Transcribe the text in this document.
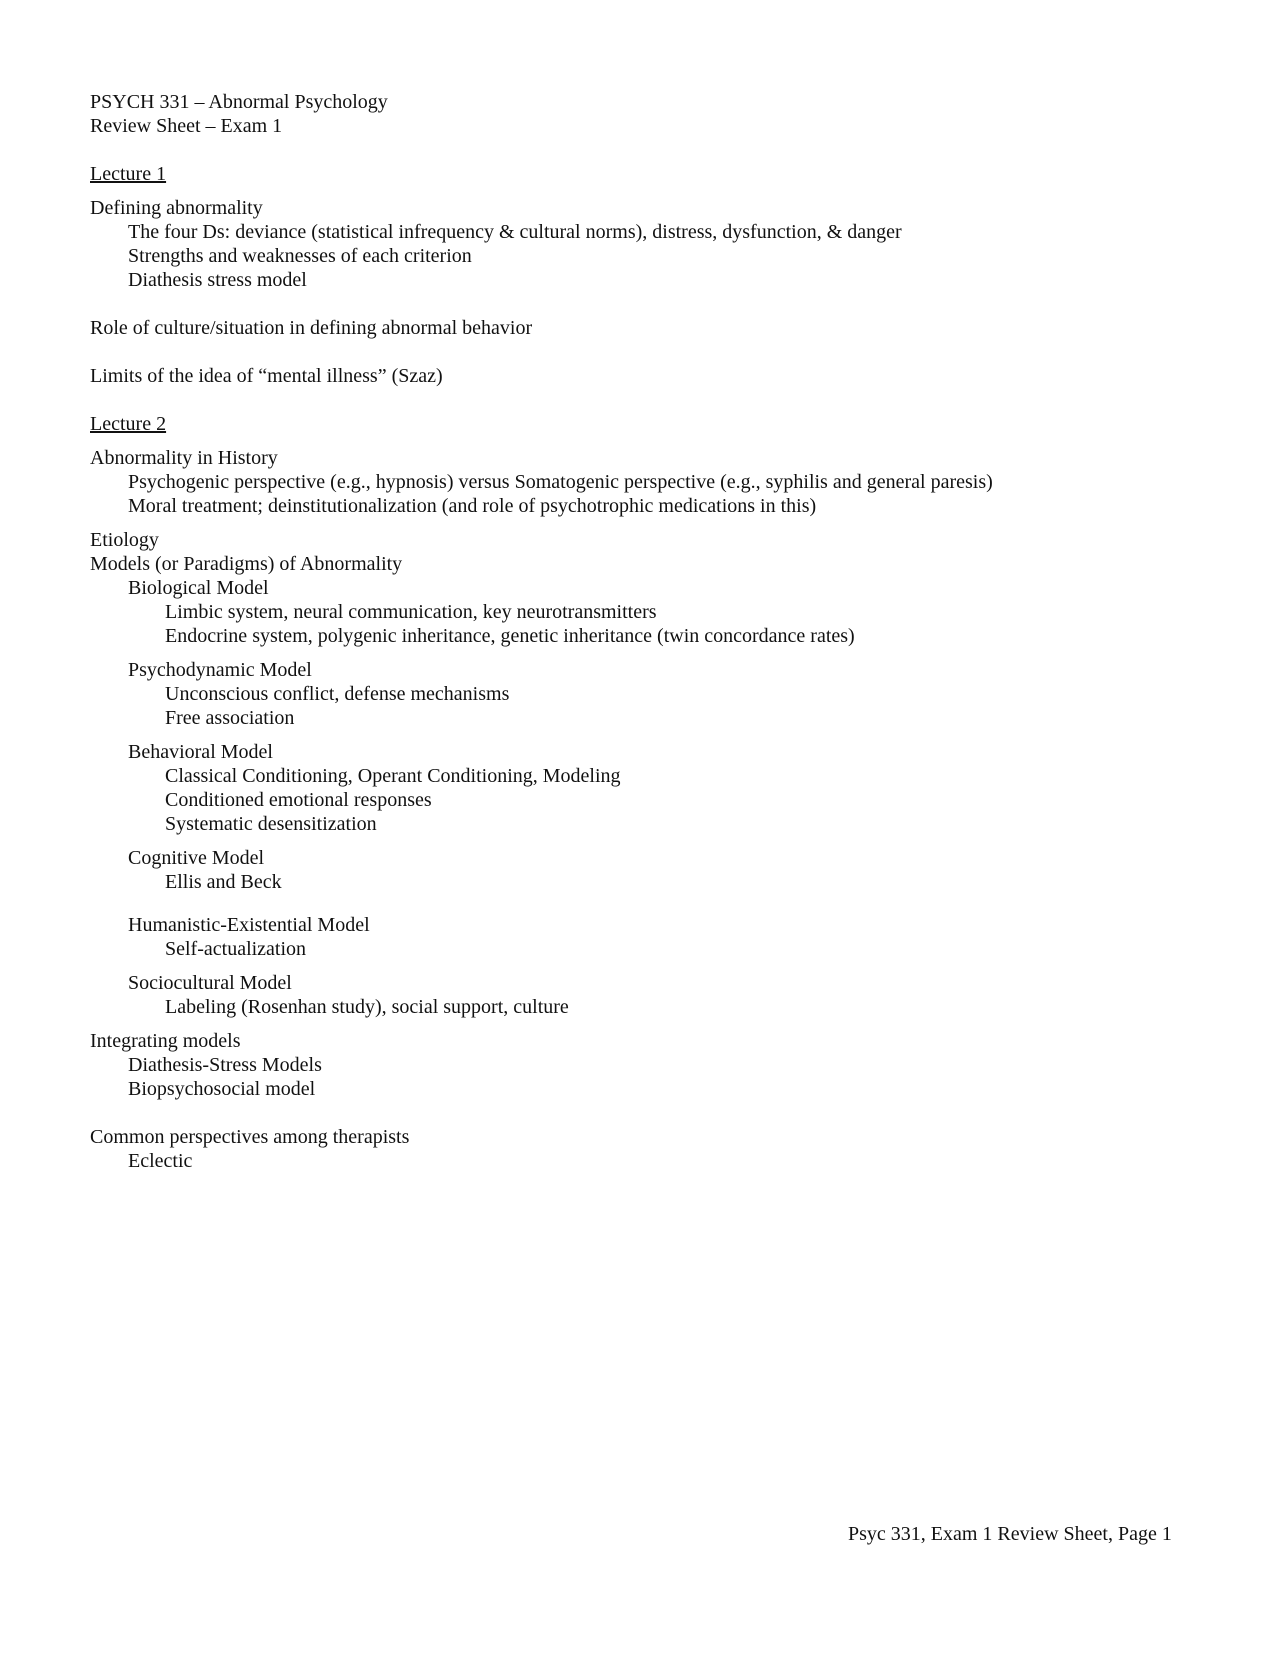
PSYCH 331 – Abnormal Psychology
Review Sheet – Exam 1
Lecture 1
Defining abnormality
The four Ds: deviance (statistical infrequency & cultural norms), distress, dysfunction, & danger
Strengths and weaknesses of each criterion
Diathesis stress model
Role of culture/situation in defining abnormal behavior
Limits of the idea of “mental illness” (Szaz)
Lecture 2
Abnormality in History
Psychogenic perspective (e.g., hypnosis) versus Somatogenic perspective (e.g., syphilis and general paresis)
Moral treatment; deinstitutionalization (and role of psychotrophic medications in this)
Etiology
Models (or Paradigms) of Abnormality
Biological Model
Limbic system, neural communication, key neurotransmitters
Endocrine system, polygenic inheritance, genetic inheritance (twin concordance rates)
Psychodynamic Model
Unconscious conflict, defense mechanisms
Free association
Behavioral Model
Classical Conditioning, Operant Conditioning, Modeling
Conditioned emotional responses
Systematic desensitization
Cognitive Model
Ellis and Beck
Humanistic-Existential Model
Self-actualization
Sociocultural Model
Labeling (Rosenhan study), social support, culture
Integrating models
Diathesis-Stress Models
Biopsychosocial model
Common perspectives among therapists
Eclectic
Psyc 331, Exam 1 Review Sheet, Page 1
